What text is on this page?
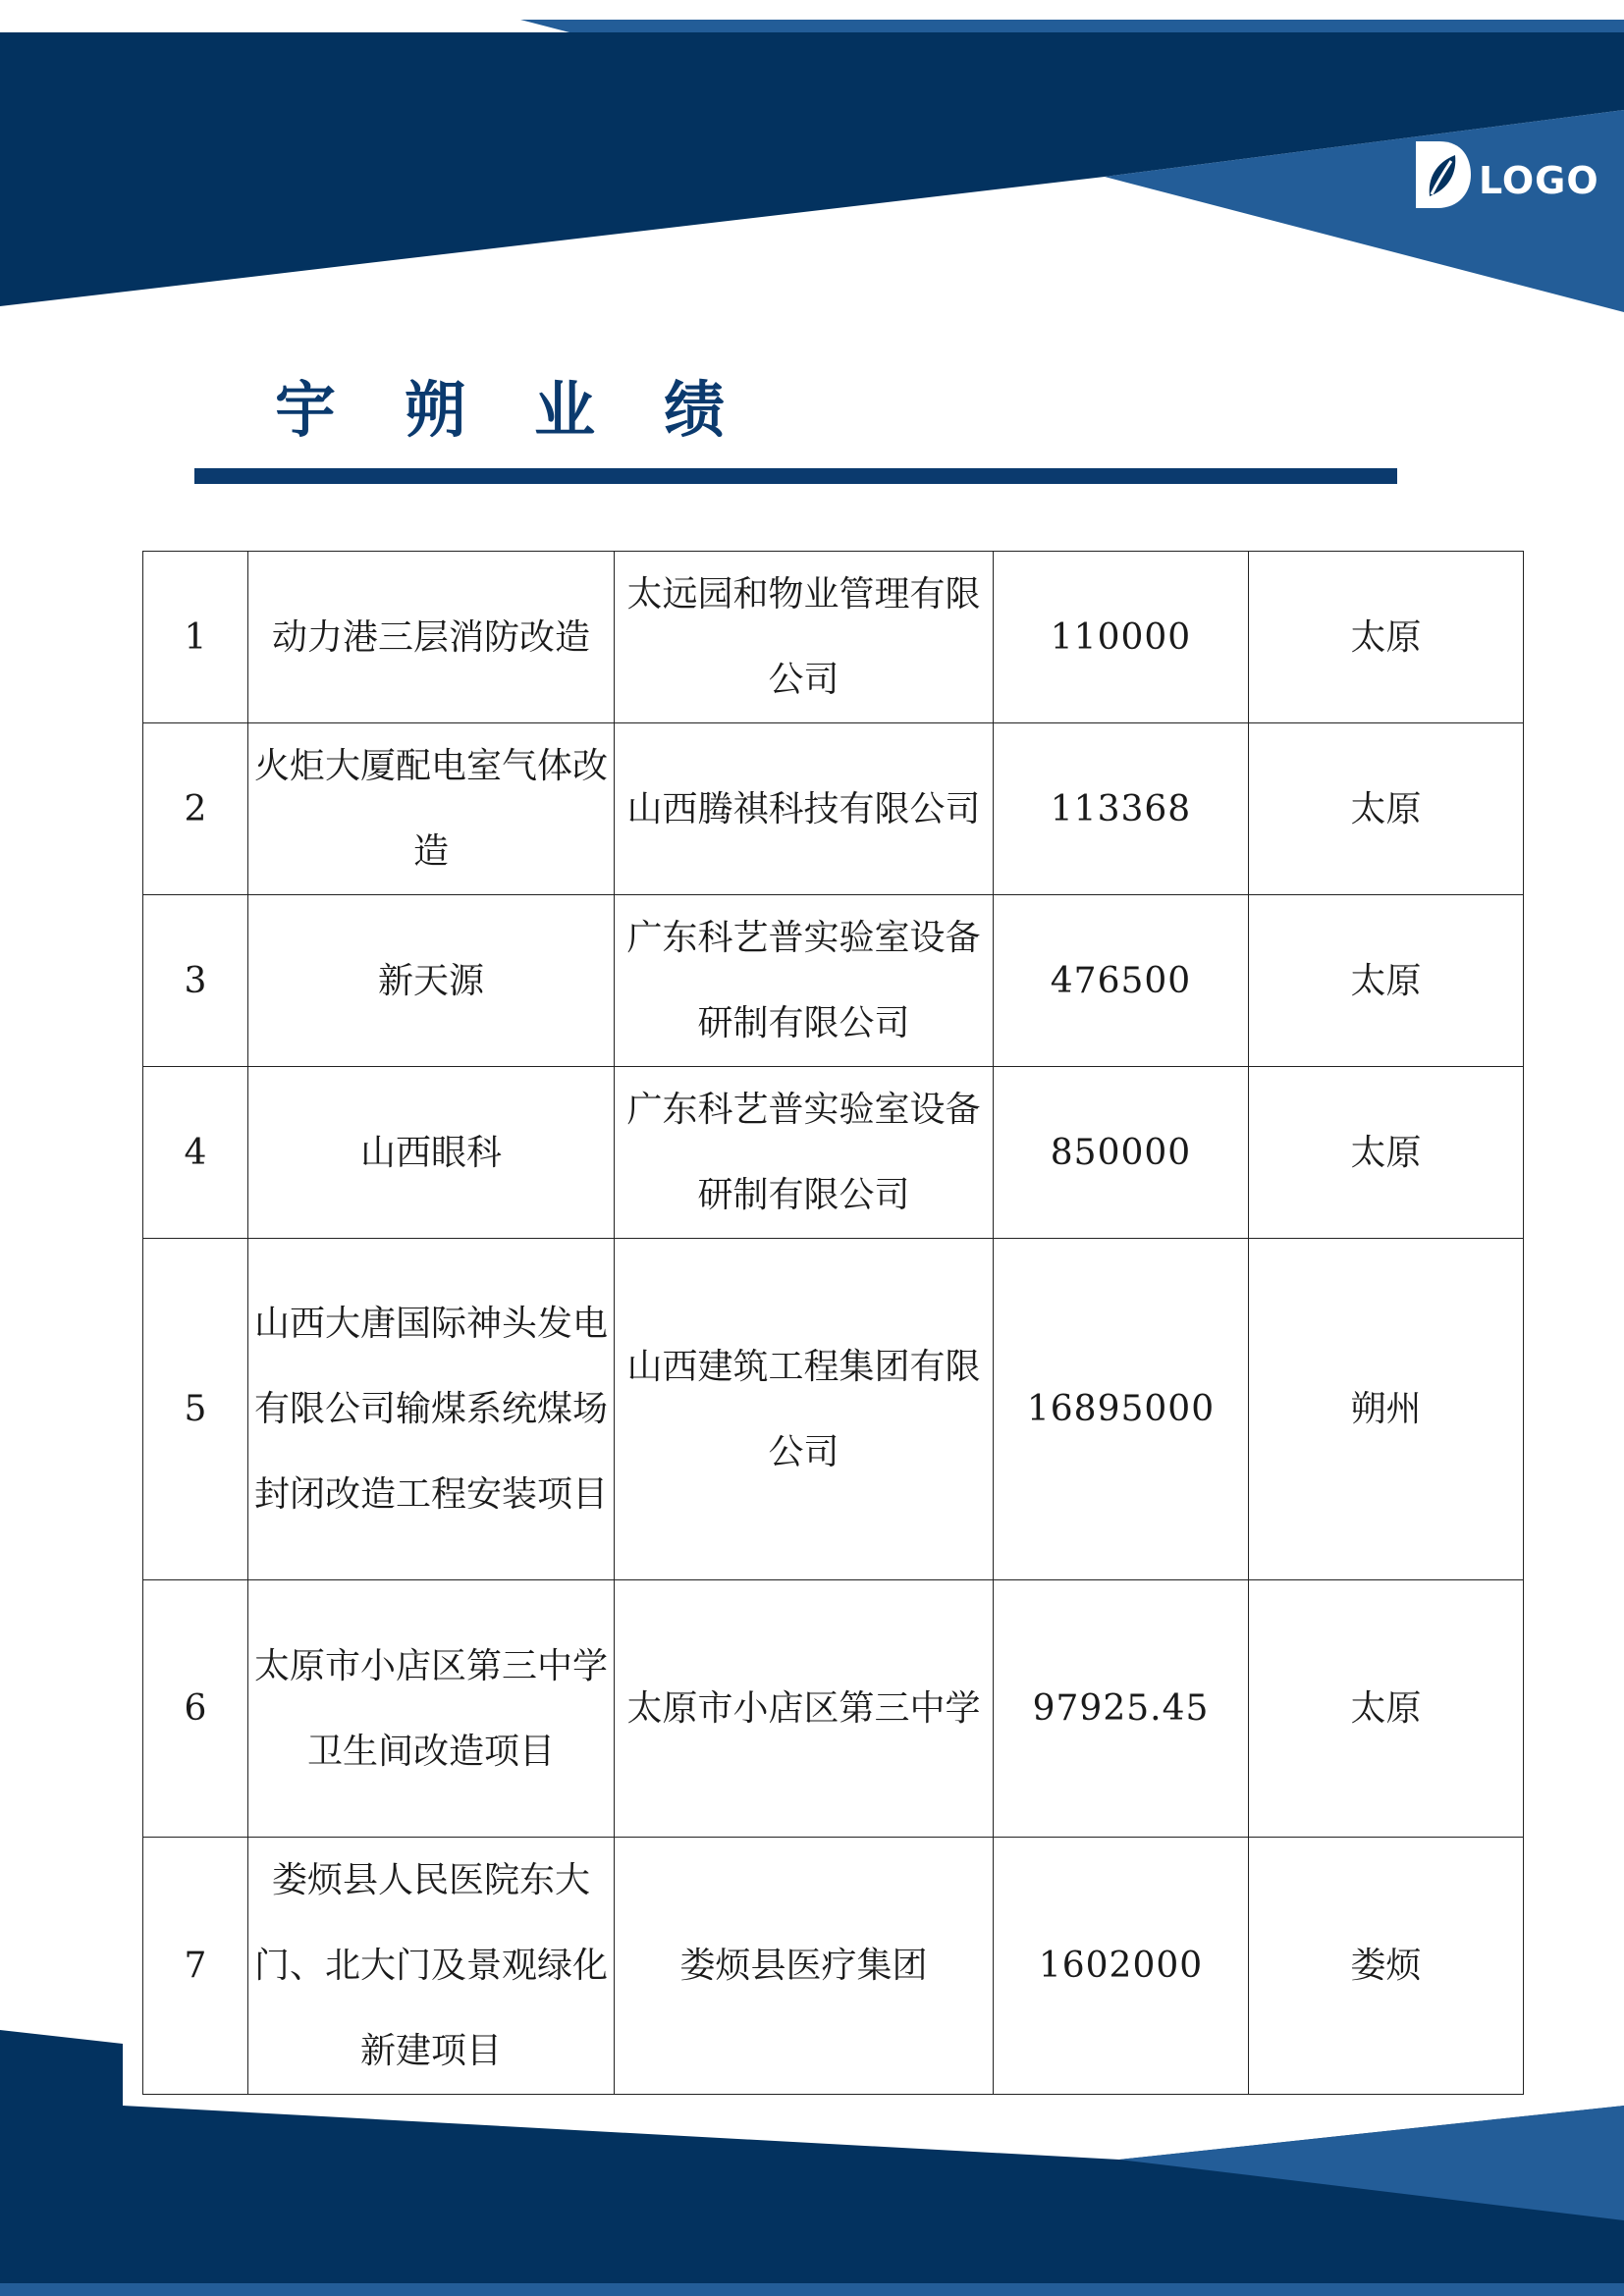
LOGO
宇朔业绩
1	动力港三层消防改造	太远园和物业管理有限公司	110000	太原
2	火炬大厦配电室气体改造	山西腾祺科技有限公司	113368	太原
3	新天源	广东科艺普实验室设备研制有限公司	476500	太原
4	山西眼科	广东科艺普实验室设备研制有限公司	850000	太原
5	山西大唐国际神头发电有限公司输煤系统煤场封闭改造工程安装项目	山西建筑工程集团有限公司	16895000	朔州
6	太原市小店区第三中学卫生间改造项目	太原市小店区第三中学	97925.45	太原
7	娄烦县人民医院东大门、北大门及景观绿化新建项目	娄烦县医疗集团	1602000	娄烦
